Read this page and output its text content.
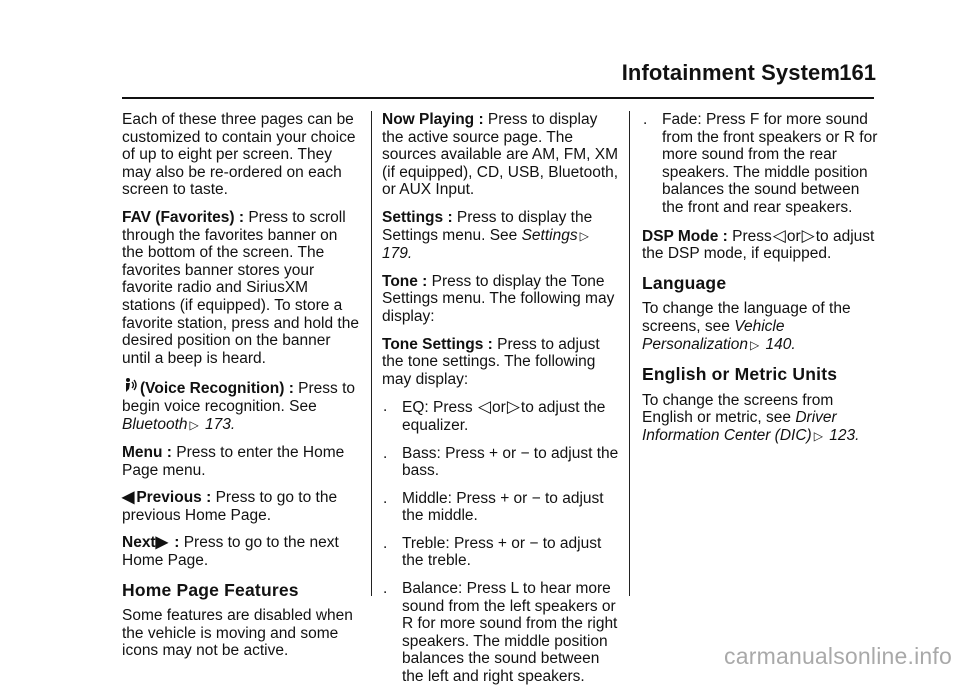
Infotainment System 161

Each of these three pages can be customized to contain your choice of up to eight per screen. They may also be re-ordered on each screen to taste.

FAV (Favorites) : Press to scroll through the favorites banner on the bottom of the screen. The favorites banner stores your favorite radio and SiriusXM stations (if equipped). To store a favorite station, press and hold the desired position on the banner until a beep is heard.

(Voice Recognition) : Press to begin voice recognition. See Bluetooth ▷ 173.

Menu : Press to enter the Home Page menu.

◀ Previous : Press to go to the previous Home Page.

Next▶ : Press to go to the next Home Page.

Home Page Features

Some features are disabled when the vehicle is moving and some icons may not be active.

Now Playing : Press to display the active source page. The sources available are AM, FM, XM (if equipped), CD, USB, Bluetooth, or AUX Input.

Settings : Press to display the Settings menu. See Settings ▷ 179.

Tone : Press to display the Tone Settings menu. The following may display:

Tone Settings : Press to adjust the tone settings. The following may display:

. EQ: Press ◁or▷to adjust the equalizer.
. Bass: Press + or − to adjust the bass.
. Middle: Press + or − to adjust the middle.
. Treble: Press + or − to adjust the treble.
. Balance: Press L to hear more sound from the left speakers or R for more sound from the right speakers. The middle position balances the sound between the left and right speakers.
. Fade: Press F for more sound from the front speakers or R for more sound from the rear speakers. The middle position balances the sound between the front and rear speakers.

DSP Mode : Press◁or▷to adjust the DSP mode, if equipped.

Language

To change the language of the screens, see Vehicle Personalization ▷ 140.

English or Metric Units

To change the screens from English or metric, see Driver Information Center (DIC) ▷ 123.

carmanualsonline.info
